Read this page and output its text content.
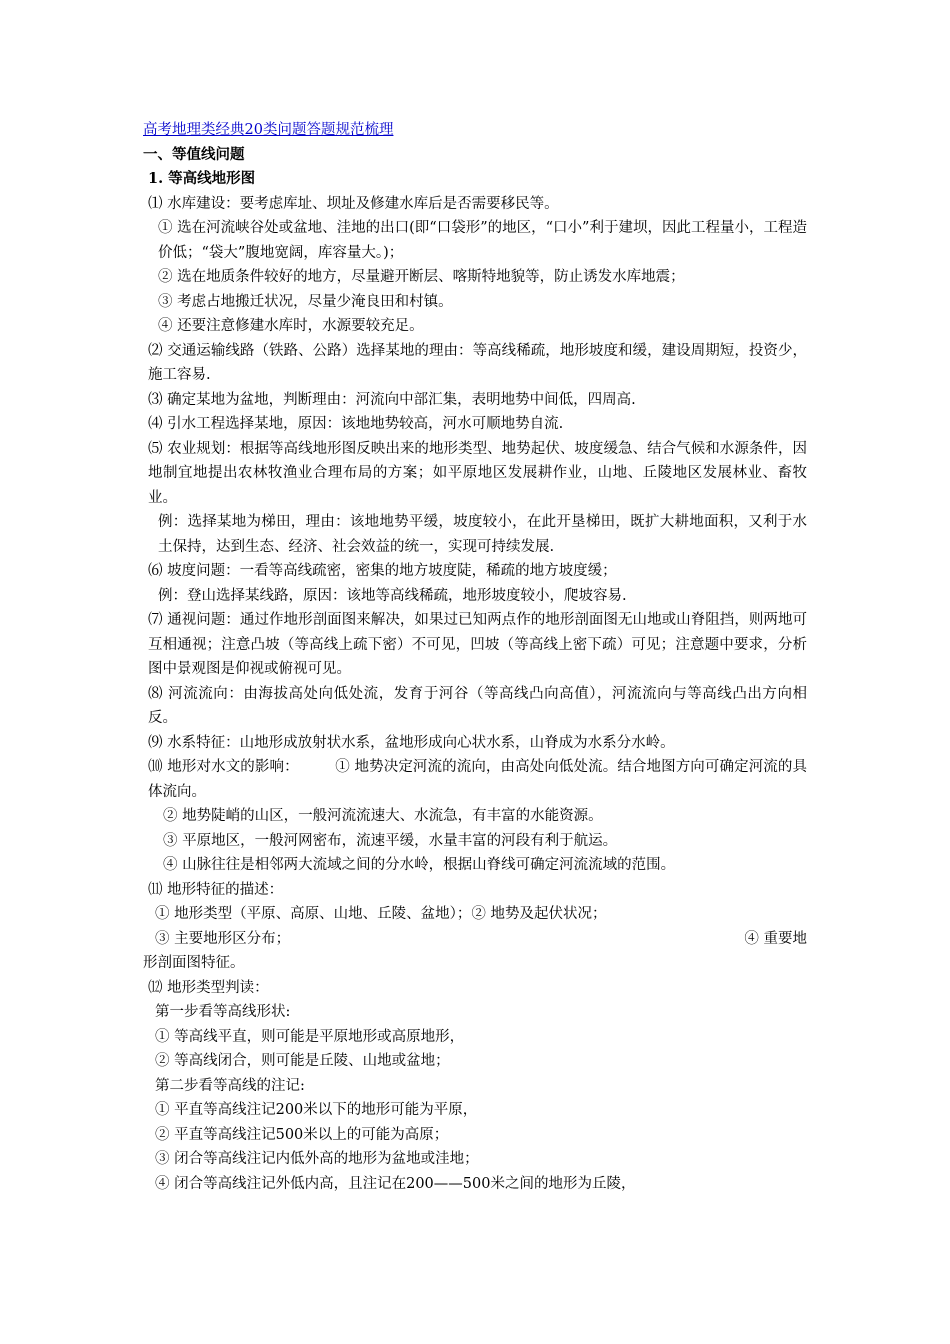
高考地理类经典20类问题答题规范梳理
一、等值线问题
1. 等高线地形图
⑴ 水库建设：要考虑库址、坝址及修建水库后是否需要移民等。
① 选在河流峡谷处或盆地、洼地的出口(即“口袋形”的地区，“口小”利于建坝，因此工程量小，工程造价低；“袋大”腹地宽阔，库容量大。)；
② 选在地质条件较好的地方，尽量避开断层、喀斯特地貌等，防止诱发水库地震；
③ 考虑占地搬迁状况，尽量少淹良田和村镇。
④ 还要注意修建水库时，水源要较充足。
⑵ 交通运输线路（铁路、公路）选择某地的理由：等高线稀疏，地形坡度和缓，建设周期短，投资少，施工容易.
⑶ 确定某地为盆地，判断理由：河流向中部汇集，表明地势中间低，四周高.
⑷ 引水工程选择某地，原因：该地地势较高，河水可顺地势自流.
⑸ 农业规划：根据等高线地形图反映出来的地形类型、地势起伏、坡度缓急、结合气候和水源条件，因地制宜地提出农林牧渔业合理布局的方案；如平原地区发展耕作业，山地、丘陵地区发展林业、畜牧业。
例：选择某地为梯田，理由：该地地势平缓，坡度较小，在此开垦梯田，既扩大耕地面积，又利于水土保持，达到生态、经济、社会效益的统一，实现可持续发展.
⑹ 坡度问题：一看等高线疏密，密集的地方坡度陡，稀疏的地方坡度缓；
例：登山选择某线路，原因：该地等高线稀疏，地形坡度较小，爬坡容易.
⑺ 通视问题：通过作地形剖面图来解决，如果过已知两点作的地形剖面图无山地或山脊阻挡，则两地可互相通视；注意凸坡（等高线上疏下密）不可见，凹坡（等高线上密下疏）可见；注意题中要求，分析图中景观图是仰视或俯视可见。
⑻ 河流流向：由海拔高处向低处流，发育于河谷（等高线凸向高值），河流流向与等高线凸出方向相反。
⑼ 水系特征：山地形成放射状水系，盆地形成向心状水系，山脊成为水系分水岭。
⑽ 地形对水文的影响：　　　① 地势决定河流的流向，由高处向低处流。结合地图方向可确定河流的具体流向。
② 地势陡峭的山区，一般河流流速大、水流急，有丰富的水能资源。
③ 平原地区，一般河网密布，流速平缓，水量丰富的河段有利于航运。
④ 山脉往往是相邻两大流域之间的分水岭，根据山脊线可确定河流流域的范围。
⑾ 地形特征的描述：
① 地形类型（平原、高原、山地、丘陵、盆地）；② 地势及起伏状况；
③ 主要地形区分布；	④ 重要地
形剖面图特征。
⑿ 地形类型判读：
第一步看等高线形状:
① 等高线平直，则可能是平原地形或高原地形，
② 等高线闭合，则可能是丘陵、山地或盆地；
第二步看等高线的注记:
① 平直等高线注记200米以下的地形可能为平原，
② 平直等高线注记500米以上的可能为高原；
③ 闭合等高线注记内低外高的地形为盆地或洼地；
④ 闭合等高线注记外低内高，且注记在200——500米之间的地形为丘陵，
